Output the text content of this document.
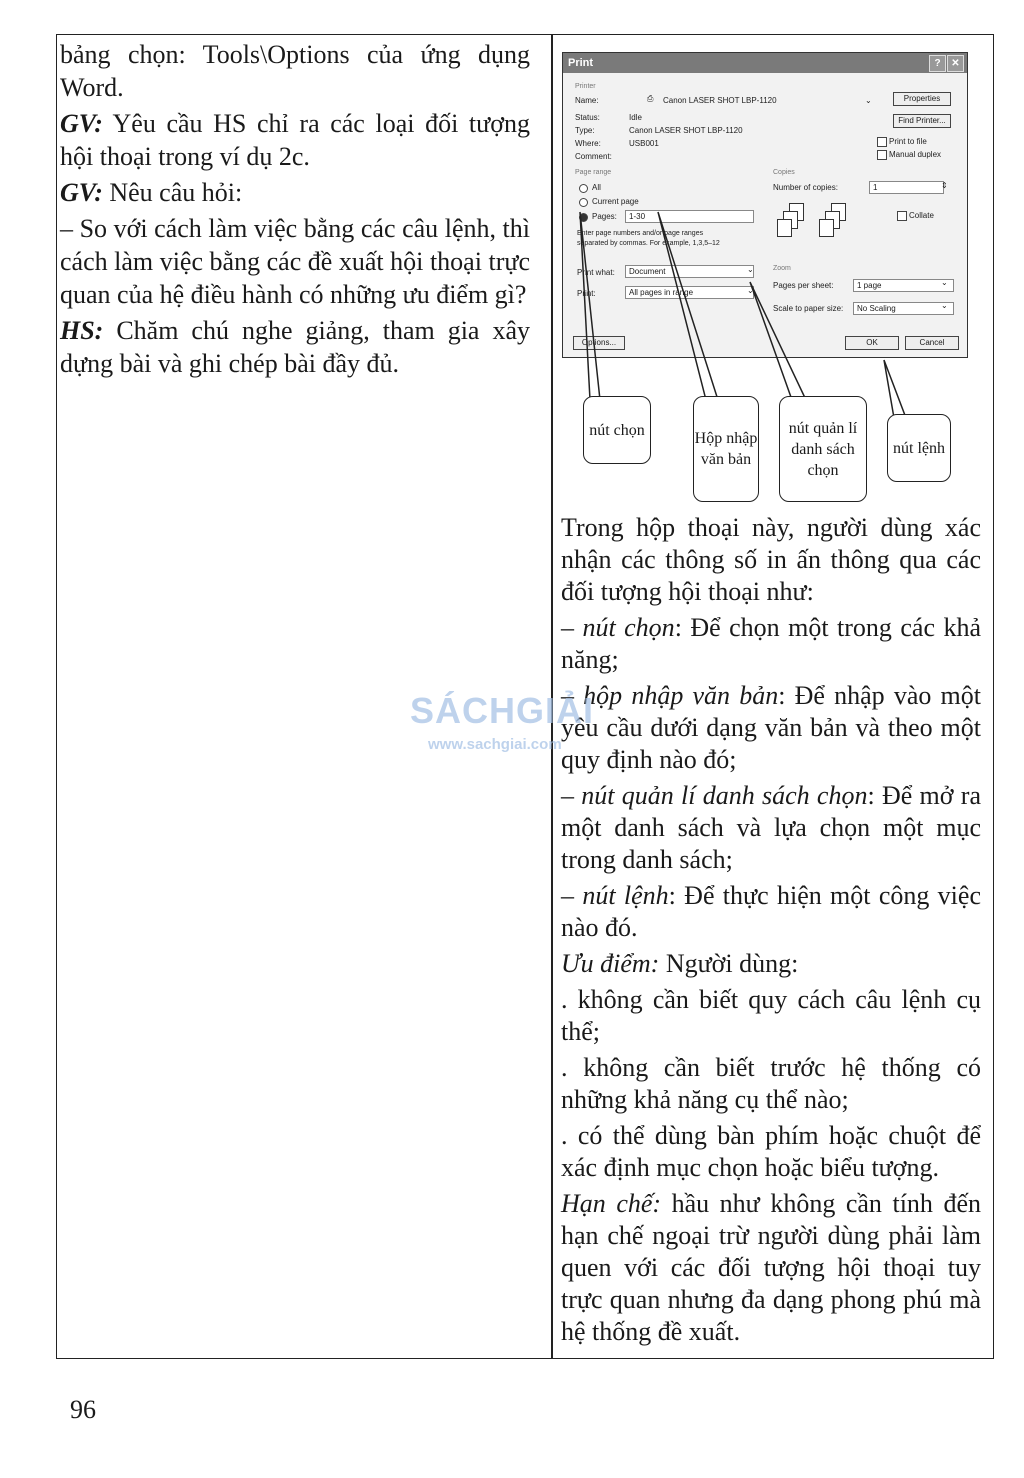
bảng chọn: Tools\Options của ứng dụng Word.

GV: Yêu cầu HS chỉ ra các loại đối tượng hội thoại trong ví dụ 2c.

GV: Nêu câu hỏi:

– So với cách làm việc bằng các câu lệnh, thì cách làm việc bằng các đề xuất hội thoại trực quan của hệ điều hành có những ưu điểm gì?

HS: Chăm chú nghe giảng, tham gia xây dựng bài và ghi chép bài đầy đủ.

Print	?	✕
Printer
Name:	⎙ Canon LASER SHOT LBP-1120	⌄	Properties
Status:	Idle	Find Printer...
Type:	Canon LASER SHOT LBP-1120
Where:	USB001	Print to file
Comment:	Manual duplex
Page range
All
Current page
Pages:	1-30
Enter page numbers and/or page ranges
separated by commas. For example, 1,3,5–12
Copies
Number of copies:	1	⇕
Collate
Print what:	Document	⌄
Print:	All pages in range	⌄
Zoom
Pages per sheet:	1 page	⌄
Scale to paper size:	No Scaling	⌄
Options...	OK	Cancel
nút chọn	Hộp nhập văn bản
nút quản lí danh sách chọn
nút lệnh

Trong hộp thoại này, người dùng xác nhận các thông số in ấn thông qua các đối tượng hội thoại như:

– nút chọn: Để chọn một trong các khả năng;

– hộp nhập văn bản: Để nhập vào một yêu cầu dưới dạng văn bản và theo một quy định nào đó;

– nút quản lí danh sách chọn: Để mở ra một danh sách và lựa chọn một mục trong danh sách;

– nút lệnh: Để thực hiện một công việc nào đó.

Ưu điểm: Người dùng:

. không cần biết quy cách câu lệnh cụ thể;

. không cần biết trước hệ thống có những khả năng cụ thể nào;

. có thể dùng bàn phím hoặc chuột để xác định mục chọn hoặc biểu tượng.

Hạn chế: hầu như không cần tính đến hạn chế ngoại trừ người dùng phải làm quen với các đối tượng hội thoại tuy trực quan nhưng đa dạng phong phú mà hệ thống đề xuất.

SÁCHGIẢI
www.sachgiai.com
96
